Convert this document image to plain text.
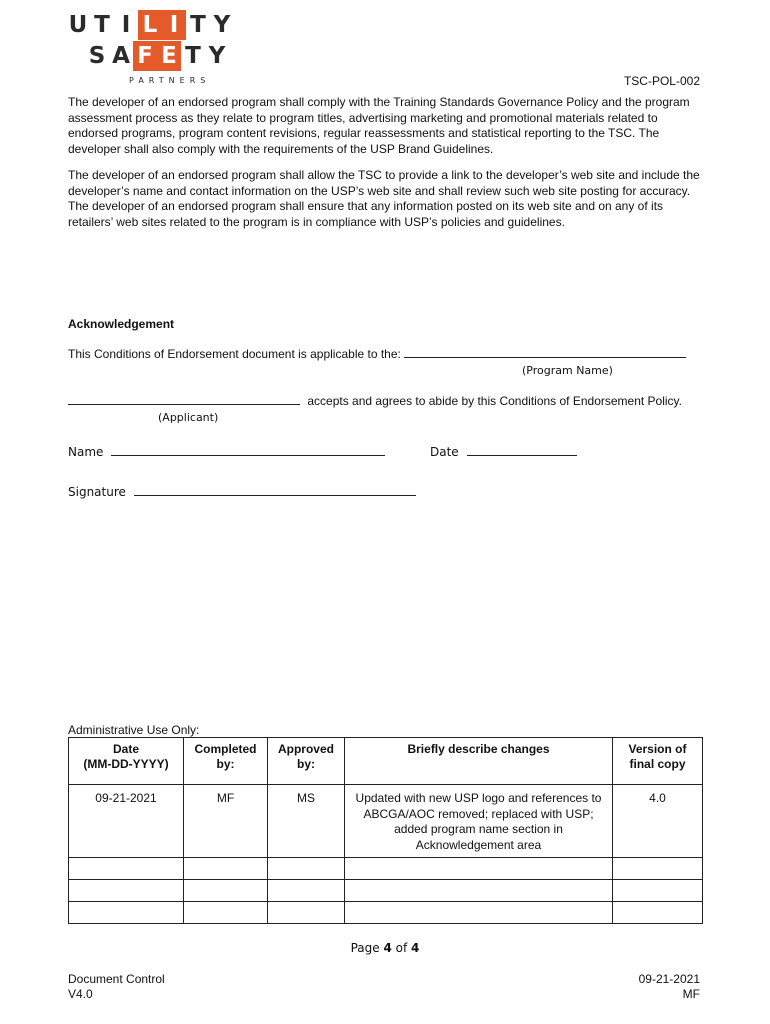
U T I L I T Y
S A F E T Y
PARTNERS	TSC-POL-002

The developer of an endorsed program shall comply with the Training Standards Governance Policy and the program assessment process as they relate to program titles, advertising marketing and promotional materials related to endorsed programs, program content revisions, regular reassessments and statistical reporting to the TSC. The developer shall also comply with the requirements of the USP Brand Guidelines.

The developer of an endorsed program shall allow the TSC to provide a link to the developer’s web site and include the developer’s name and contact information on the USP’s web site and shall review such web site posting for accuracy. The developer of an endorsed program shall ensure that any information posted on its web site and on any of its retailers’ web sites related to the program is in compliance with USP’s policies and guidelines.

Acknowledgement
This Conditions of Endorsement document is applicable to the:
(Program Name)
accepts and agrees to abide by this Conditions of Endorsement Policy.
(Applicant)
Name	Date
Signature
Administrative Use Only:
Date
(MM-DD-YYYY)	Completed by:	Approved by:	Briefly describe changes	Version of final copy
09-21-2021	MF	MS	Updated with new USP logo and references to ABCGA/AOC removed; replaced with USP; added program name section in Acknowledgement area	4.0

Page 4 of 4
Document Control
V4.0
09-21-2021
MF
